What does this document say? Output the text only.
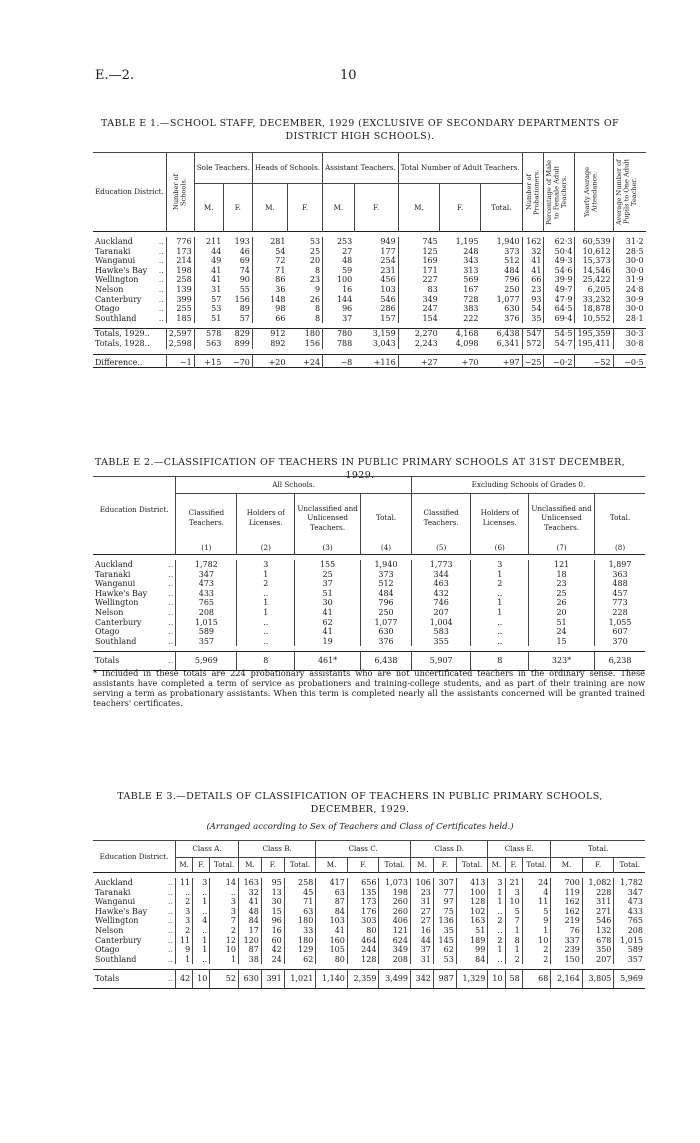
E.—2.	10
TABLE E 1.—SCHOOL STAFF, DECEMBER, 1929 (EXCLUSIVE OF SECONDARY DEPARTMENTS OF
DISTRICT HIGH SCHOOLS).
Education District.	Number of Schools.	Sole Teachers.		Heads of Schools.		Assistant Teachers.		Total Number of Adult Teachers.			Number of Probationers.	Percentage of Male to Female Adult Teachers.	Yearly Average Attendance.	Average Number of Pupils to One Adult Teacher.

		M.	F.	M.	F.	M.	F.	M.	F.	Total.				

Auckland ..	776	211	193	281	53	253	949	745	1,195	1,940	162	62·3	60,539	31·2
Taranaki ..	173	44	46	54	25	27	177	125	248	373	32	50·4	10,612	28·5
Wanganui ..	214	49	69	72	20	48	254	169	343	512	41	49·3	15,373	30·0
Hawke's Bay ..	198	41	74	71	8	59	231	171	313	484	41	54·6	14,546	30·0
Wellington ..	258	41	90	86	23	100	456	227	569	796	66	39·9	25,422	31·9
Nelson ..	139	31	55	36	9	16	103	83	167	250	23	49·7	6,205	24·8
Canterbury ..	399	57	156	148	26	144	546	349	728	1,077	93	47·9	33,232	30·9
Otago ..	255	53	89	98	8	96	286	247	383	630	54	64·5	18,878	30·0
Southland ..	185	51	57	66	8	37	157	154	222	376	35	69·4	10,552	28·1

Totals, 1929..	2,597	578	829	912	180	780	3,159	2,270	4,168	6,438	547	54·5	195,359	30·3
Totals, 1928..	2,598	563	899	892	156	788	3,043	2,243	4,098	6,341	572	54·7	195,411	30·8

Difference..	−1	+15	−70	+20	+24	−8	+116	+27	+70	+97	−25	−0·2	−52	−0·5
TABLE E 2.—CLASSIFICATION OF TEACHERS IN PUBLIC PRIMARY SCHOOLS AT 31ST DECEMBER, 1929.
Education District.	All Schools.				Excluding Schools of Grades 0.			
	Classified Teachers.	Holders of Licenses.	Unclassified and Unlicensed Teachers.	Total.	Classified Teachers.	Holders of Licenses.	Unclassified and Unlicensed Teachers.	Total.
	(1)	(2)	(3)	(4)	(5)	(6)	(7)	(8)

Auckland ..	1,782	3	155	1,940	1,773	3	121	1,897
Taranaki ..	347	1	25	373	344	1	18	363
Wanganui ..	473	2	37	512	463	2	23	488
Hawke's Bay ..	433	..	51	484	432	..	25	457
Wellington ..	765	1	30	796	746	1	26	773
Nelson ..	208	1	41	250	207	1	20	228
Canterbury ..	1,015	..	62	1,077	1,004	..	51	1,055
Otago ..	589	..	41	630	583	..	24	607
Southland ..	357	..	19	376	355	..	15	370

Totals ..	5,969	8	461*	6,438	5,907	8	323*	6,238
* Included in these totals are 224 probationary assistants who are not uncertificated teachers in the ordinary sense. These assistants have completed a term of service as probationers and training-college students, and as part of their training are now serving a term as probationary assistants. When this term is completed nearly all the assistants concerned will be granted trained teachers' certificates.
TABLE E 3.—DETAILS OF CLASSIFICATION OF TEACHERS IN PUBLIC PRIMARY SCHOOLS,
DECEMBER, 1929.
(Arranged according to Sex of Teachers and Class of Certificates held.)
Education District.	Class A.			Class B.			Class C.			Class D.			Class E.			Total.		
	M.	F.	Total.	M.	F.	Total.	M.	F.	Total.	M.	F.	Total.	M.	F.	Total.	M.	F.	Total.

Auckland ..	11	3	14	163	95	258	417	656	1,073	106	307	413	3	21	24	700	1,082	1,782
Taranaki ..	..	..	..	32	13	45	63	135	198	23	77	100	1	3	4	119	228	347
Wanganui ..	2	1	3	41	30	71	87	173	260	31	97	128	1	10	11	162	311	473
Hawke's Bay ..	3	..	3	48	15	63	84	176	260	27	75	102	..	5	5	162	271	433
Wellington ..	3	4	7	84	96	180	103	303	406	27	136	163	2	7	9	219	546	765
Nelson ..	2	..	2	17	16	33	41	80	121	16	35	51	..	1	1	76	132	208
Canterbury ..	11	1	12	120	60	180	160	464	624	44	145	189	2	8	10	337	678	1,015
Otago ..	9	1	10	87	42	129	105	244	349	37	62	99	1	1	2	239	350	589
Southland ..	1	..	1	38	24	62	80	128	208	31	53	84	..	2	2	150	207	357

Totals ..	42	10	52	630	391	1,021	1,140	2,359	3,499	342	987	1,329	10	58	68	2,164	3,805	5,969
